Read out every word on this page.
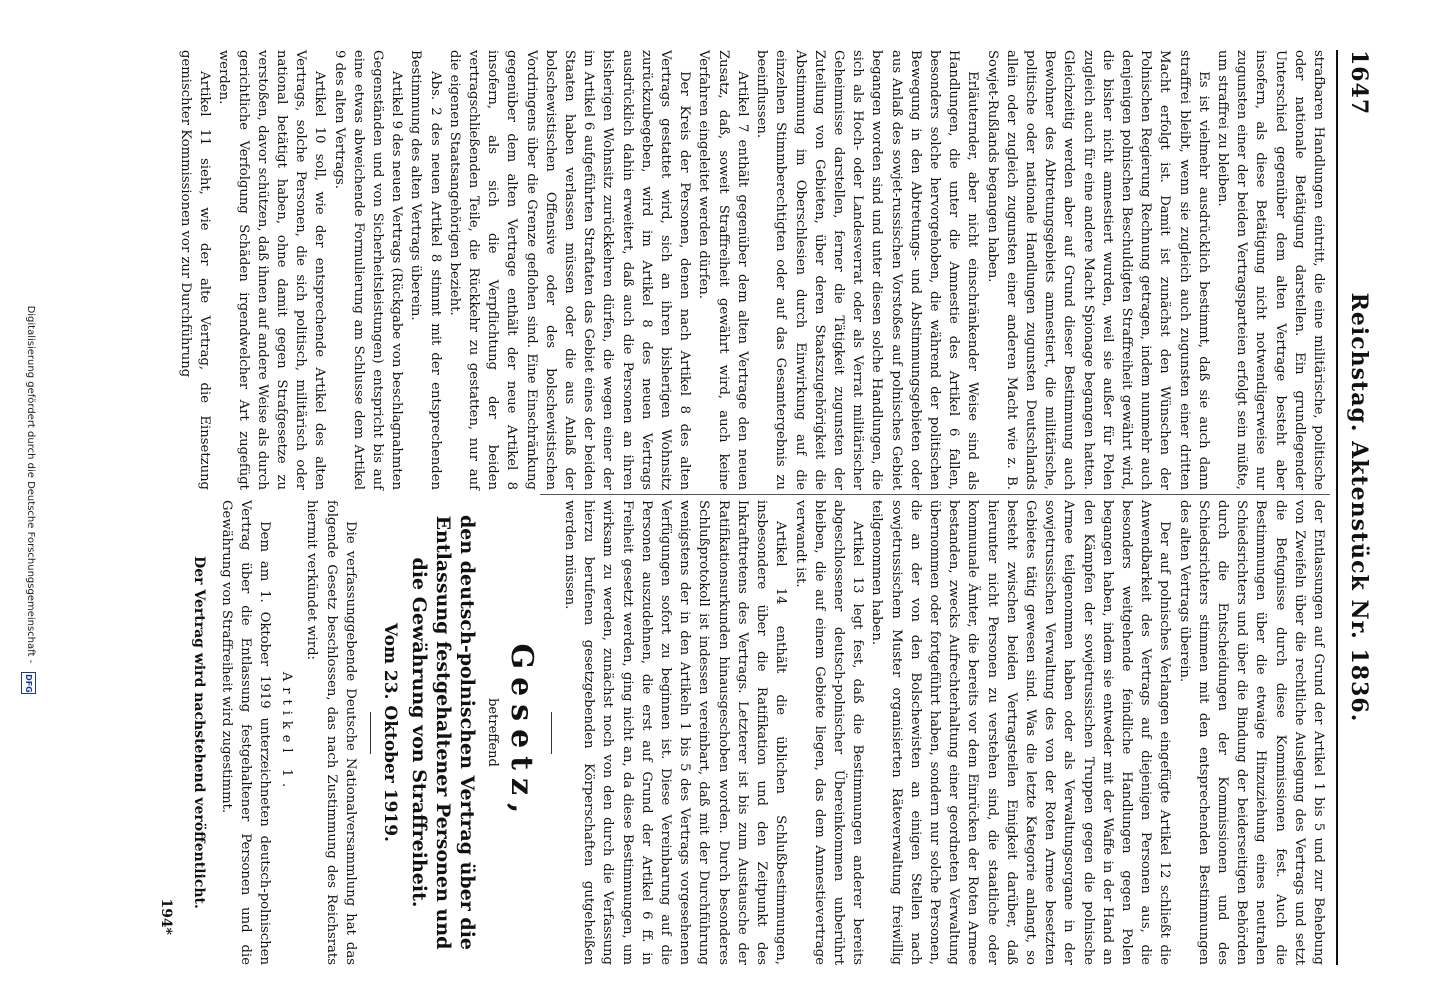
1647
Reichstag. Aktenstück Nr. 1836.

strafbaren Handlungen eintritt, die eine militärische, politische oder nationale Betätigung darstellen. Ein grundlegender Unterschied gegenüber dem alten Vertrage besteht aber insofern, als diese Betätigung nicht notwendigerweise nur zugunsten einer der beiden Vertragsparteien erfolgt sein müßte, um straffrei zu bleiben.

Es ist vielmehr ausdrücklich bestimmt, daß sie auch dann straffrei bleibt, wenn sie zugleich auch zugunsten einer dritten Macht erfolgt ist. Damit ist zunächst den Wünschen der Polnischen Regierung Rechnung getragen, indem nunmehr auch denjenigen polnischen Beschuldigten Straffreiheit gewährt wird, die bisher nicht amnestiert wurden, weil sie außer für Polen zugleich auch für eine andere Macht Spionage begangen hatten. Gleichzeitig werden aber auf Grund dieser Bestimmung auch Bewohner des Abtretungsgebiets amnestiert, die militärische, politische oder nationale Handlungen zugunsten Deutschlands allein oder zugleich zugunsten einer anderen Macht wie z. B. Sowjet-Rußlands begangen haben.

Erläuternder, aber nicht einschränkender Weise sind als Handlungen, die unter die Amnestie des Artikel 6 fallen, besonders solche hervorgehoben, die während der politischen Bewegung in den Abtretungs- und Abstimmungsgebieten oder aus Anlaß des sowjet-russischen Vorstoßes auf polnisches Gebiet begangen worden sind und unter diesen solche Handlungen, die sich als Hoch- oder Landesverrat oder als Verrat militärischer Geheimnisse darstellen, ferner die Tätigkeit zugunsten der Zuteilung von Gebieten, über deren Staatszugehörigkeit die Abstimmung im Oberschlesien durch Einwirkung auf die einzelnen Stimmberechtigten oder auf das Gesamtergebnis zu beeinflussen.

Artikel 7 enthält gegenüber dem alten Vertrage den neuen Zusatz, daß, soweit Straffreiheit gewährt wird, auch keine Verfahren eingeleitet werden dürfen.

Der Kreis der Personen, denen nach Artikel 8 des alten Vertrags gestattet wird, sich an ihren bisherigen Wohnsitz zurückzubegeben, wird im Artikel 8 des neuen Vertrags ausdrücklich dahin erweitert, daß auch die Personen an ihren bisherigen Wohnsitz zurückkehren dürfen, die wegen einer der im Artikel 6 aufgeführten Straftaten das Gebiet eines der beiden Staaten haben verlassen müssen oder die aus Anlaß der bolschewistischen Offensive oder des bolschewistischen Vordringens über die Grenze geflohen sind. Eine Einschränkung gegenüber dem alten Vertrage enthält der neue Artikel 8 insofern, als sich die Verpflichtung der beiden vertragschließenden Teile, die Rückkehr zu gestatten, nur auf die eigenen Staatsangehörigen bezieht.

Abs. 2 des neuen Artikel 8 stimmt mit der entsprechenden Bestimmung des alten Vertrags überein.

Artikel 9 des neuen Vertrags (Rückgabe von beschlagnahmten Gegenständen und von Sicherheitsleistungen) entspricht bis auf eine etwas abweichende Formulierung am Schlusse dem Artikel 9 des alten Vertrags.

Artikel 10 soll, wie der entsprechende Artikel des alten Vertrags, solche Personen, die sich politisch, militärisch oder national betätigt haben, ohne damit gegen Strafgesetze zu verstoßen, davor schützen, daß ihnen auf andere Weise als durch gerichtliche Verfolgung Schäden irgendwelcher Art zugefügt werden.

Artikel 11 sieht, wie der alte Vertrag, die Einsetzung gemischter Kommissionen vor zur Durchführung

der Entlassungen auf Grund der Artikel 1 bis 5 und zur Behebung von Zweifeln über die rechtliche Auslegung des Vertrags und setzt die Befugnisse durch diese Kommissionen fest. Auch die Bestimmungen über die etwaige Hinzuziehung eines neutralen Schiedsrichters und über die Bindung der beiderseitigen Behörden durch die Entscheidungen der Kommissionen und des Schiedsrichters stimmen mit den entsprechenden Bestimmungen des alten Vertrags überein.

Der auf polnisches Verlangen eingefügte Artikel 12 schließt die Anwendbarkeit des Vertrags auf diejenigen Personen aus, die besonders weitgehende feindliche Handlungen gegen Polen begangen haben, indem sie entweder mit der Waffe in der Hand an den Kämpfen der sowjetrussischen Truppen gegen die polnische Armee teilgenommen haben oder als Verwaltungsorgane in der sowjetrussischen Verwaltung des von der Roten Armee besetzten Gebietes tätig gewesen sind. Was die letzte Kategorie anlangt, so besteht zwischen beiden Vertragsteilen Einigkeit darüber, daß hierunter nicht Personen zu verstehen sind, die staatliche oder kommunale Ämter, die bereits vor dem Einrücken der Roten Armee bestanden, zwecks Aufrechterhaltung einer geordneten Verwaltung übernommen oder fortgeführt haben, sondern nur solche Personen, die an der von den Bolschewisten an einigen Stellen nach sowjetrussischem Muster organisierten Räteverwaltung freiwillig teilgenommen haben.

Artikel 13 legt fest, daß die Bestimmungen anderer bereits abgeschlossener deutsch-polnischer Übereinkommen unberührt bleiben, die auf einem Gebiete liegen, das dem Amnestievertrage verwandt ist.

Artikel 14 enthält die üblichen Schlußbestimmungen, insbesondere über die Ratifikation und den Zeitpunkt des Inkrafttretens des Vertrags. Letzterer ist bis zum Austausche der Ratifikationsurkunden hinausgeschoben worden. Durch besonderes Schlußprotokoll ist indessen vereinbart, daß mit der Durchführung wenigstens der in den Artikeln 1 bis 5 des Vertrags vorgesehenen Verfügungen sofort zu beginnen ist. Diese Vereinbarung auf die Personen auszudehnen, die erst auf Grund der Artikel 6 ff. in Freiheit gesetzt werden, ging nicht an, da diese Bestimmungen, um wirksam zu werden, zunächst noch von den durch die Verfassung hierzu berufenen gesetzgebenden Körperschaften gutgeheißen werden müssen.

Gesetz,
betreffend
den deutsch-polnischen Vertrag über die Entlassung festgehaltener Personen und die Gewährung von Straffreiheit.
Vom 23. Oktober 1919.

Die verfassunggebende Deutsche Nationalversammlung hat das folgende Gesetz beschlossen, das nach Zustimmung des Reichsrats hiermit verkündet wird:

Artikel 1.

Dem am 1. Oktober 1919 unterzeichneten deutsch-polnischen Vertrag über die Entlassung festgehaltener Personen und die Gewährung von Straffreiheit wird zugestimmt.

Der Vertrag wird nachstehend veröffentlicht.
194*
Digitalisierung gefördert durch die Deutsche Forschungsgemeinschaft - DFG
